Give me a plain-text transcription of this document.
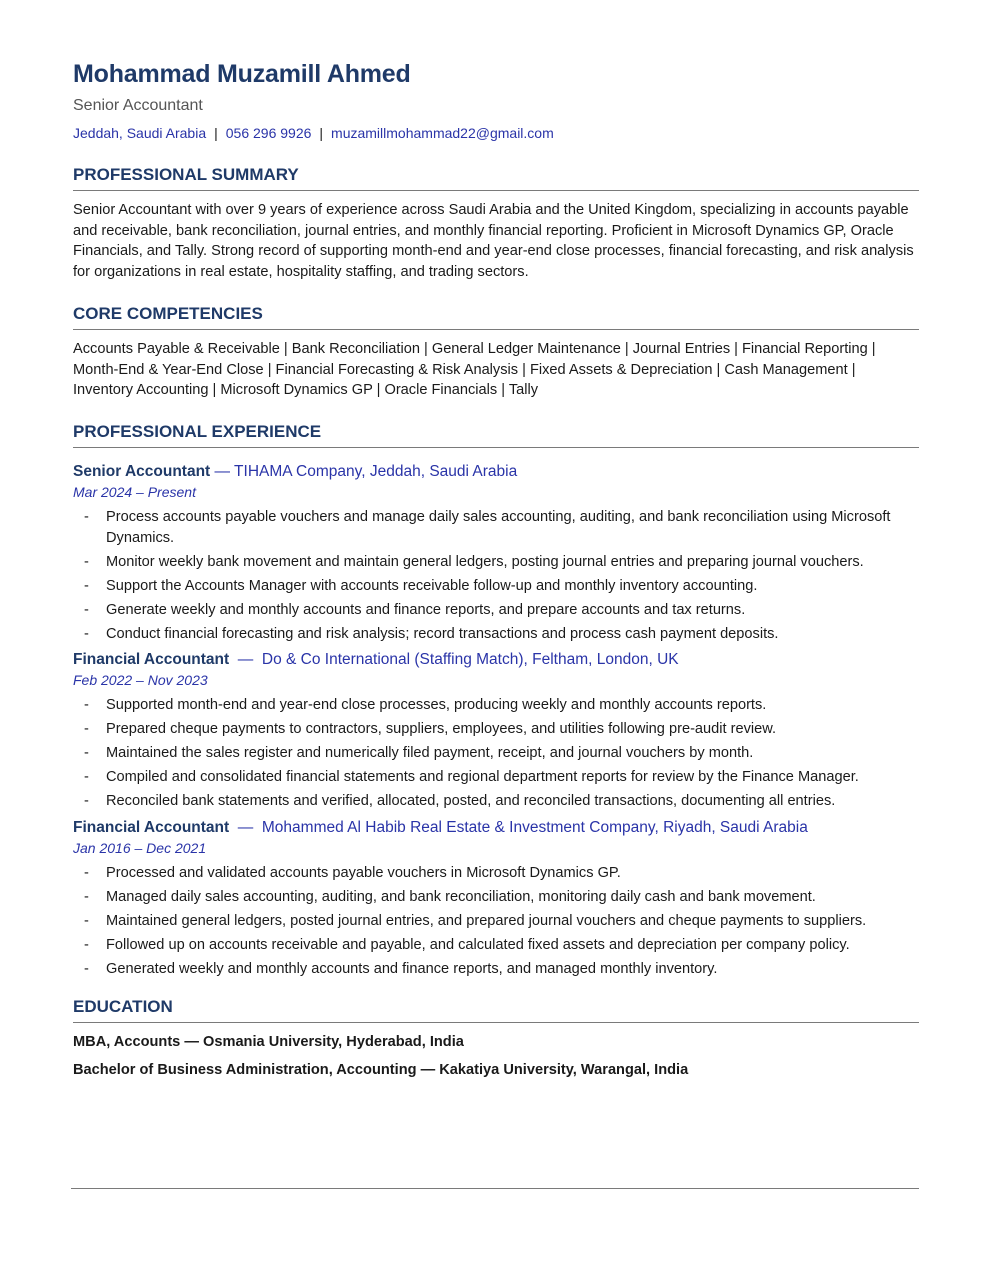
Mohammad Muzamill Ahmed
Senior Accountant
Jeddah, Saudi Arabia | 056 296 9926 | muzamillmohammad22@gmail.com
PROFESSIONAL SUMMARY
Senior Accountant with over 9 years of experience across Saudi Arabia and the United Kingdom, specializing in accounts payable and receivable, bank reconciliation, journal entries, and monthly financial reporting. Proficient in Microsoft Dynamics GP, Oracle Financials, and Tally. Strong record of supporting month-end and year-end close processes, financial forecasting, and risk analysis for organizations in real estate, hospitality staffing, and trading sectors.
CORE COMPETENCIES
Accounts Payable & Receivable | Bank Reconciliation | General Ledger Maintenance | Journal Entries | Financial Reporting | Month-End & Year-End Close | Financial Forecasting & Risk Analysis | Fixed Assets & Depreciation | Cash Management | Inventory Accounting | Microsoft Dynamics GP | Oracle Financials | Tally
PROFESSIONAL EXPERIENCE
Senior Accountant — TIHAMA Company, Jeddah, Saudi Arabia
Mar 2024 – Present
- Process accounts payable vouchers and manage daily sales accounting, auditing, and bank reconciliation using Microsoft Dynamics.
- Monitor weekly bank movement and maintain general ledgers, posting journal entries and preparing journal vouchers.
- Support the Accounts Manager with accounts receivable follow-up and monthly inventory accounting.
- Generate weekly and monthly accounts and finance reports, and prepare accounts and tax returns.
- Conduct financial forecasting and risk analysis; record transactions and process cash payment deposits.
Financial Accountant  —  Do & Co International (Staffing Match), Feltham, London, UK
Feb 2022 – Nov 2023
- Supported month-end and year-end close processes, producing weekly and monthly accounts reports.
- Prepared cheque payments to contractors, suppliers, employees, and utilities following pre-audit review.
- Maintained the sales register and numerically filed payment, receipt, and journal vouchers by month.
- Compiled and consolidated financial statements and regional department reports for review by the Finance Manager.
- Reconciled bank statements and verified, allocated, posted, and reconciled transactions, documenting all entries.
Financial Accountant  —  Mohammed Al Habib Real Estate & Investment Company, Riyadh, Saudi Arabia
Jan 2016 – Dec 2021
- Processed and validated accounts payable vouchers in Microsoft Dynamics GP.
- Managed daily sales accounting, auditing, and bank reconciliation, monitoring daily cash and bank movement.
- Maintained general ledgers, posted journal entries, and prepared journal vouchers and cheque payments to suppliers.
- Followed up on accounts receivable and payable, and calculated fixed assets and depreciation per company policy.
- Generated weekly and monthly accounts and finance reports, and managed monthly inventory.
EDUCATION
MBA, Accounts — Osmania University, Hyderabad, India
Bachelor of Business Administration, Accounting — Kakatiya University, Warangal, India
